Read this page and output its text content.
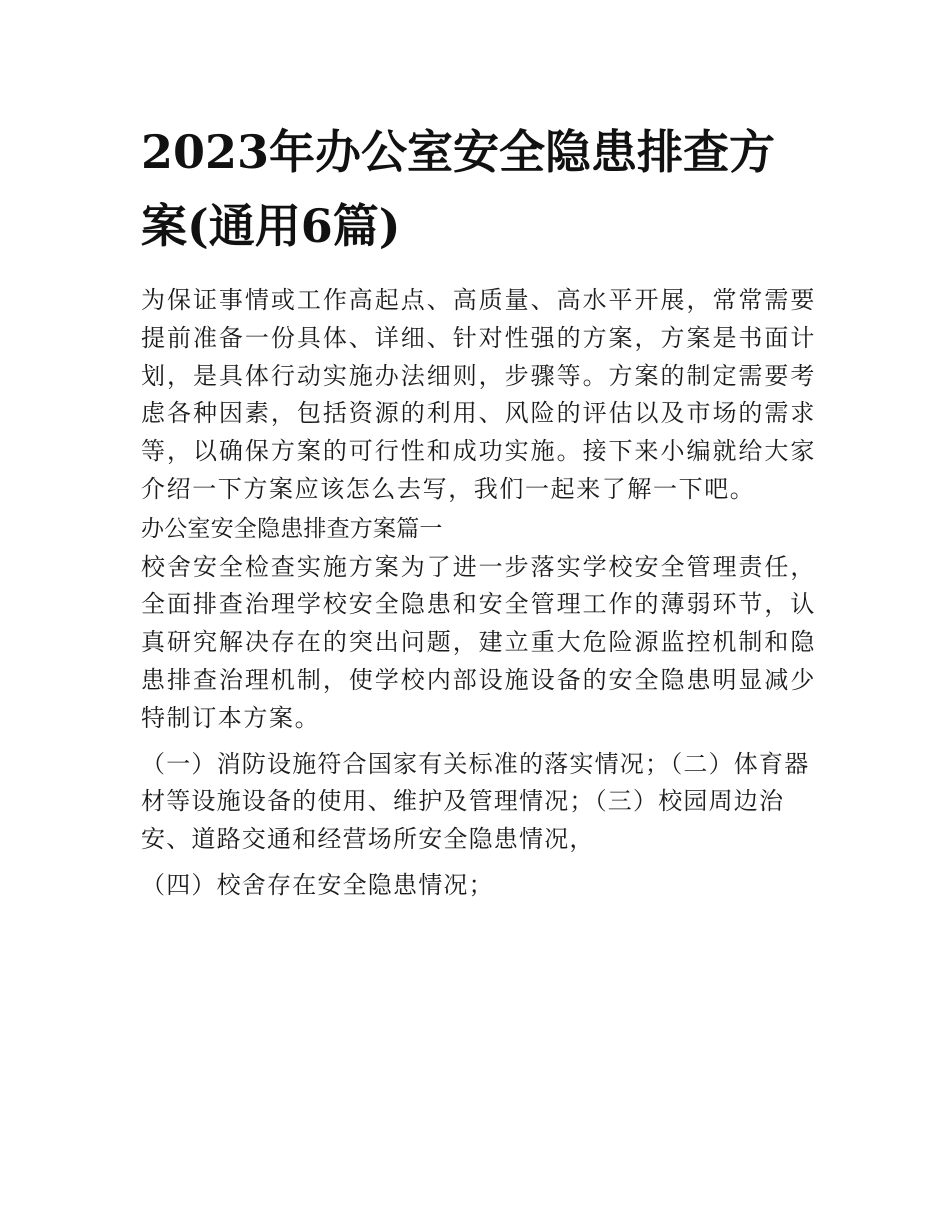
2023年办公室安全隐患排查方案(通用6篇)

为保证事情或工作高起点、高质量、高水平开展，常常需要提前准备一份具体、详细、针对性强的方案，方案是书面计划，是具体行动实施办法细则，步骤等。方案的制定需要考虑各种因素，包括资源的利用、风险的评估以及市场的需求等，以确保方案的可行性和成功实施。接下来小编就给大家介绍一下方案应该怎么去写，我们一起来了解一下吧。

办公室安全隐患排查方案篇一

校舍安全检查实施方案为了进一步落实学校安全管理责任，全面排查治理学校安全隐患和安全管理工作的薄弱环节，认真研究解决存在的突出问题，建立重大危险源监控机制和隐患排查治理机制，使学校内部设施设备的安全隐患明显减少特制订本方案。

（一）消防设施符合国家有关标准的落实情况；（二）体育器材等设施设备的使用、维护及管理情况；（三）校园周边治安、道路交通和经营场所安全隐患情况，

（四）校舍存在安全隐患情况；
